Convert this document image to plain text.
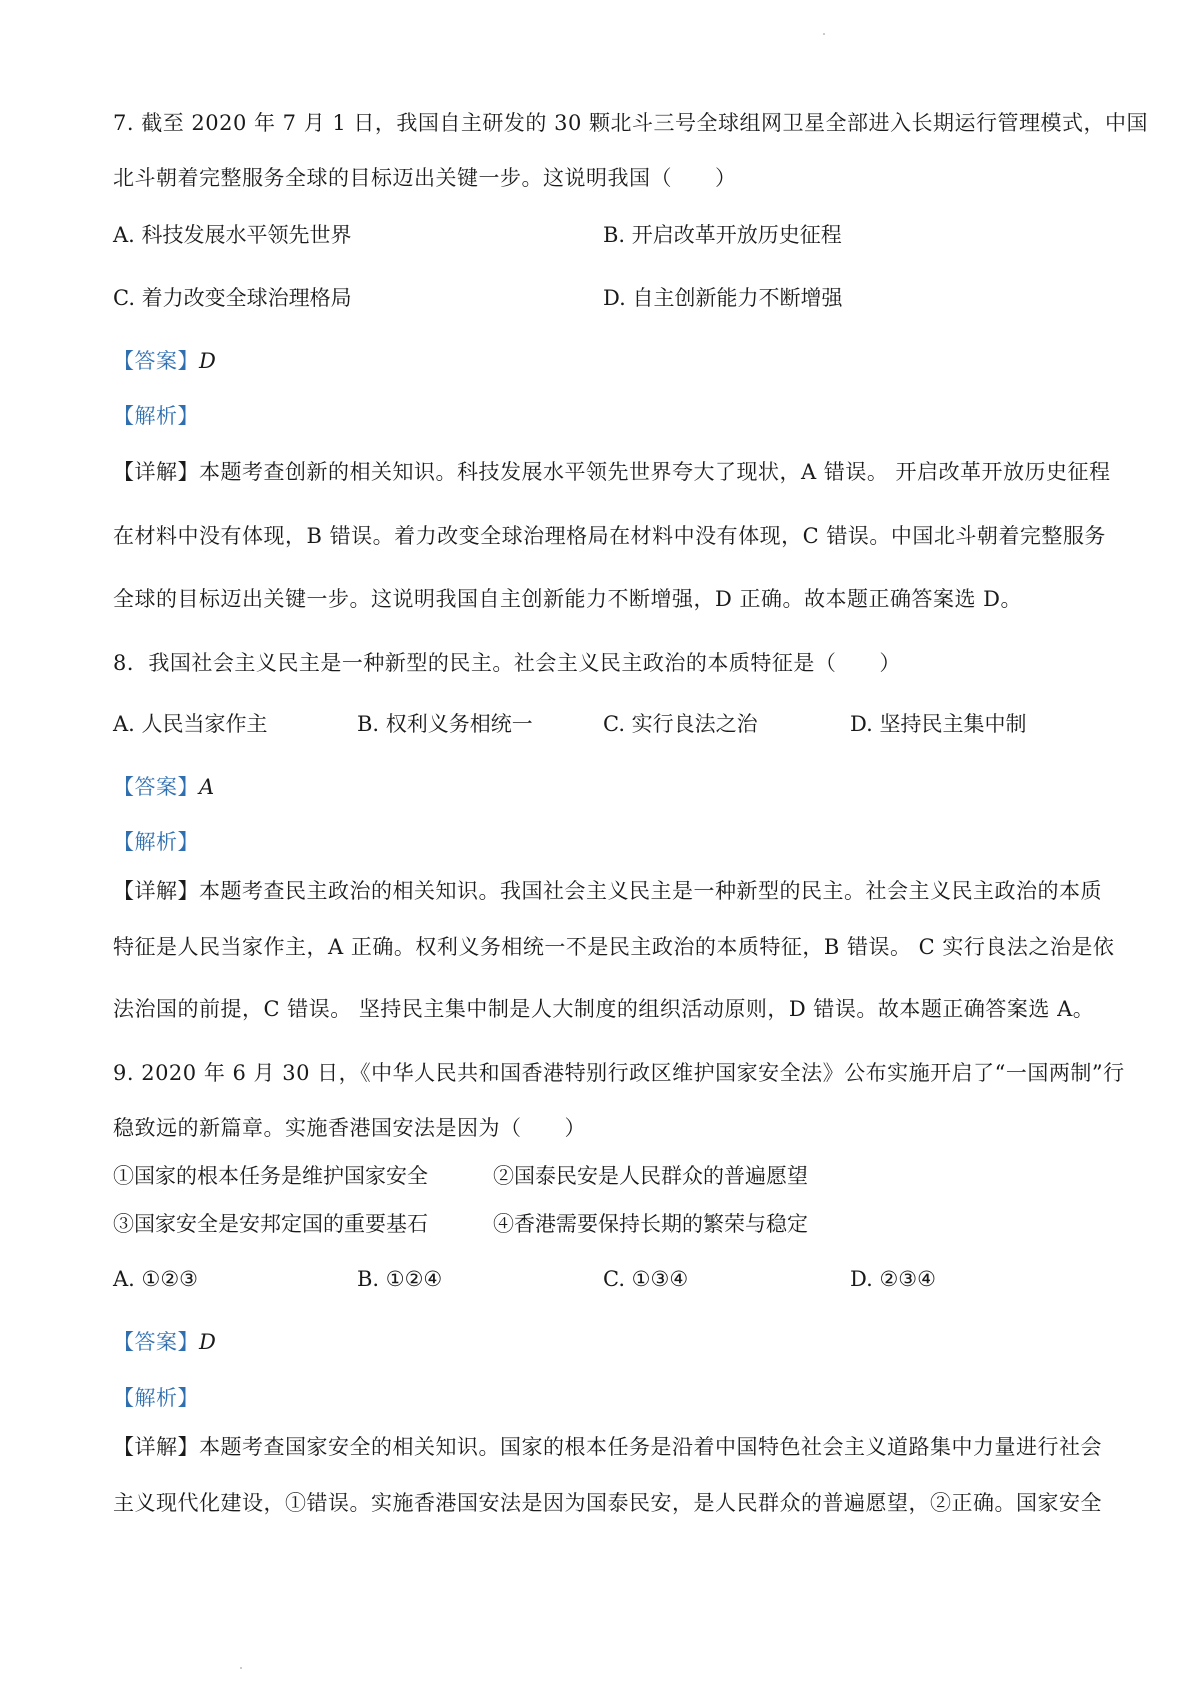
7. 截至 2020 年 7 月 1 日，我国自主研发的 30 颗北斗三号全球组网卫星全部进入长期运行管理模式，中国
北斗朝着完整服务全球的目标迈出关键一步。这说明我国（　　）
A. 科技发展水平领先世界	B. 开启改革开放历史征程
C. 着力改变全球治理格局	D. 自主创新能力不断增强
【答案】D
【解析】
【详解】本题考查创新的相关知识。科技发展水平领先世界夸大了现状，A 错误。 开启改革开放历史征程
在材料中没有体现，B 错误。着力改变全球治理格局在材料中没有体现，C 错误。中国北斗朝着完整服务
全球的目标迈出关键一步。这说明我国自主创新能力不断增强，D 正确。故本题正确答案选 D。
8．我国社会主义民主是一种新型的民主。社会主义民主政治的本质特征是（　　）
A. 人民当家作主	B. 权利义务相统一	C. 实行良法之治	D. 坚持民主集中制
【答案】A
【解析】
【详解】本题考查民主政治的相关知识。我国社会主义民主是一种新型的民主。社会主义民主政治的本质
特征是人民当家作主，A 正确。权利义务相统一不是民主政治的本质特征，B 错误。 C 实行良法之治是依
法治国的前提，C 错误。 坚持民主集中制是人大制度的组织活动原则，D 错误。故本题正确答案选 A。
9. 2020 年 6 月 30 日，《中华人民共和国香港特别行政区维护国家安全法》公布实施开启了“一国两制”行
稳致远的新篇章。实施香港国安法是因为（　　）
①国家的根本任务是维护国家安全	②国泰民安是人民群众的普遍愿望
③国家安全是安邦定国的重要基石	④香港需要保持长期的繁荣与稳定
A. ①②③	B. ①②④	C. ①③④	D. ②③④
【答案】D
【解析】
【详解】本题考查国家安全的相关知识。国家的根本任务是沿着中国特色社会主义道路集中力量进行社会
主义现代化建设，①错误。实施香港国安法是因为国泰民安，是人民群众的普遍愿望，②正确。国家安全
